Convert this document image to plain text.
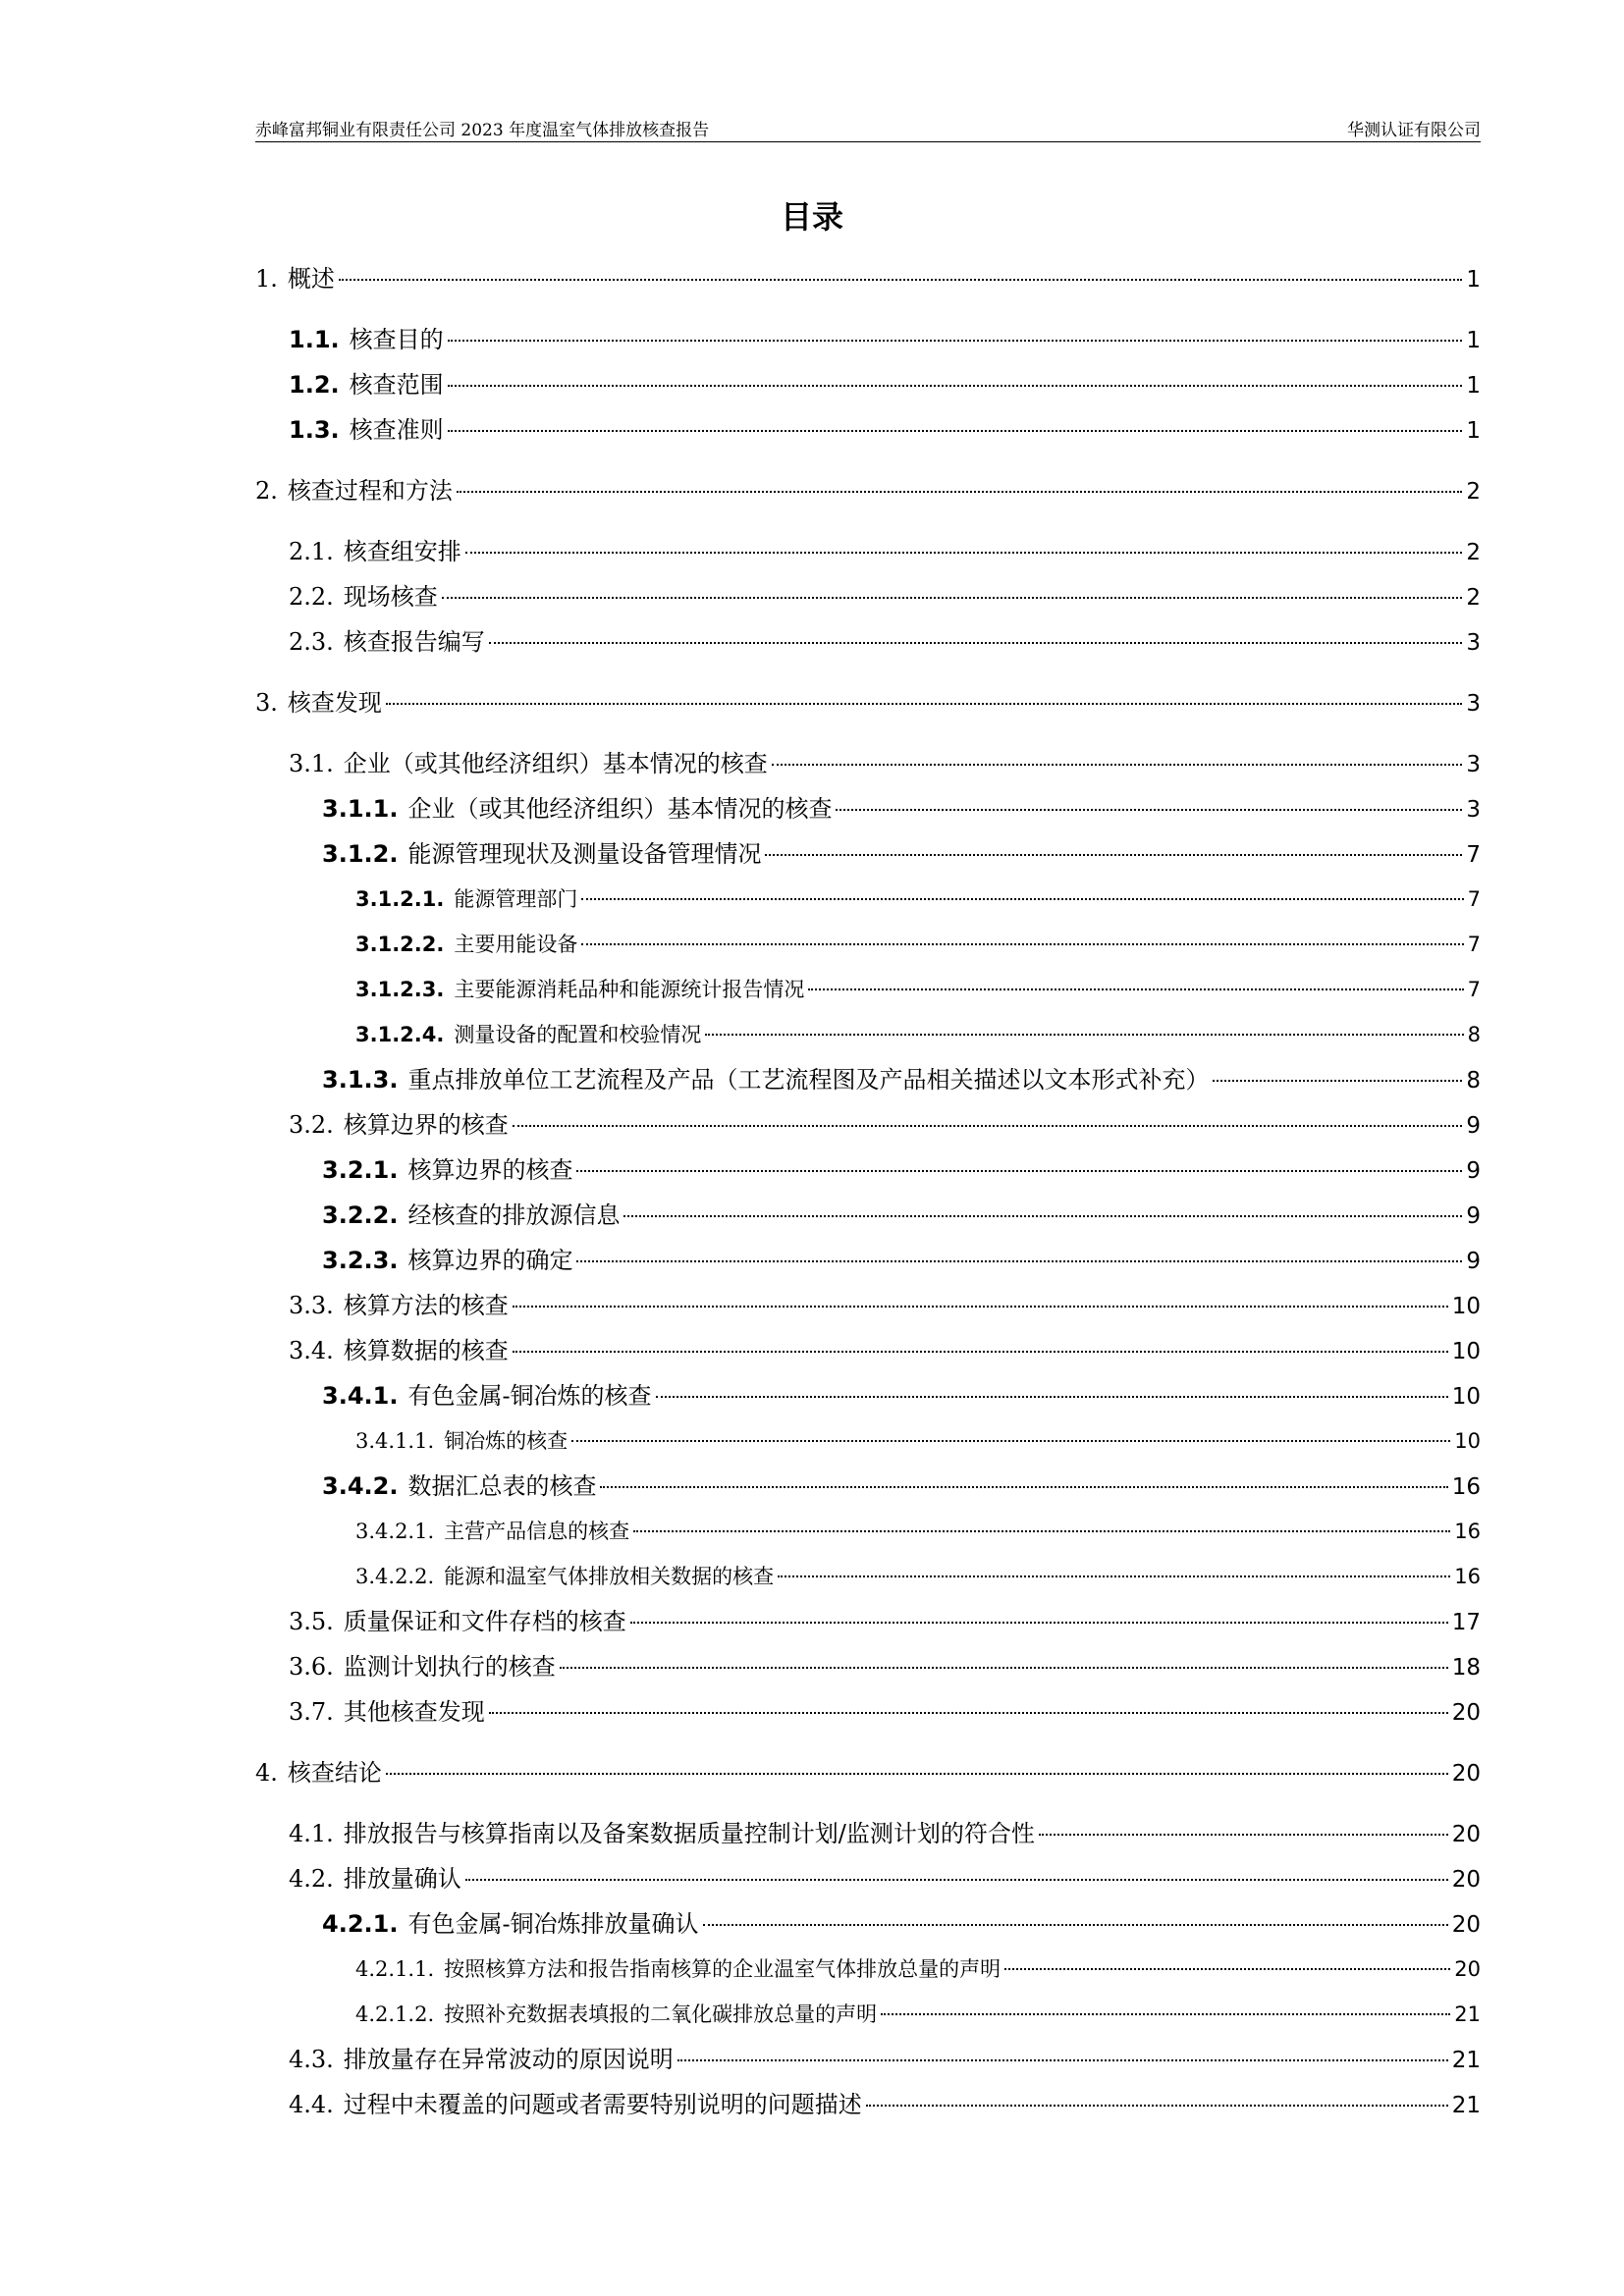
赤峰富邦铜业有限责任公司 2023 年度温室气体排放核查报告	华测认证有限公司
目录
1. 概述	1
1.1. 核查目的	1
1.2. 核查范围	1
1.3. 核查准则	1
2. 核查过程和方法	2
2.1. 核查组安排	2
2.2. 现场核查	2
2.3. 核查报告编写	3
3. 核查发现	3
3.1. 企业（或其他经济组织）基本情况的核查	3
3.1.1. 企业（或其他经济组织）基本情况的核查	3
3.1.2. 能源管理现状及测量设备管理情况	7
3.1.2.1. 能源管理部门	7
3.1.2.2. 主要用能设备	7
3.1.2.3. 主要能源消耗品种和能源统计报告情况	7
3.1.2.4. 测量设备的配置和校验情况	8
3.1.3. 重点排放单位工艺流程及产品（工艺流程图及产品相关描述以文本形式补充）	8
3.2. 核算边界的核查	9
3.2.1. 核算边界的核查	9
3.2.2. 经核查的排放源信息	9
3.2.3. 核算边界的确定	9
3.3. 核算方法的核查	10
3.4. 核算数据的核查	10
3.4.1. 有色金属-铜冶炼的核查	10
3.4.1.1. 铜冶炼的核查	10
3.4.2. 数据汇总表的核查	16
3.4.2.1. 主营产品信息的核查	16
3.4.2.2. 能源和温室气体排放相关数据的核查	16
3.5. 质量保证和文件存档的核查	17
3.6. 监测计划执行的核查	18
3.7. 其他核查发现	20
4. 核查结论	20
4.1. 排放报告与核算指南以及备案数据质量控制计划/监测计划的符合性	20
4.2. 排放量确认	20
4.2.1. 有色金属-铜冶炼排放量确认	20
4.2.1.1. 按照核算方法和报告指南核算的企业温室气体排放总量的声明	20
4.2.1.2. 按照补充数据表填报的二氧化碳排放总量的声明	21
4.3. 排放量存在异常波动的原因说明	21
4.4. 过程中未覆盖的问题或者需要特别说明的问题描述	21
